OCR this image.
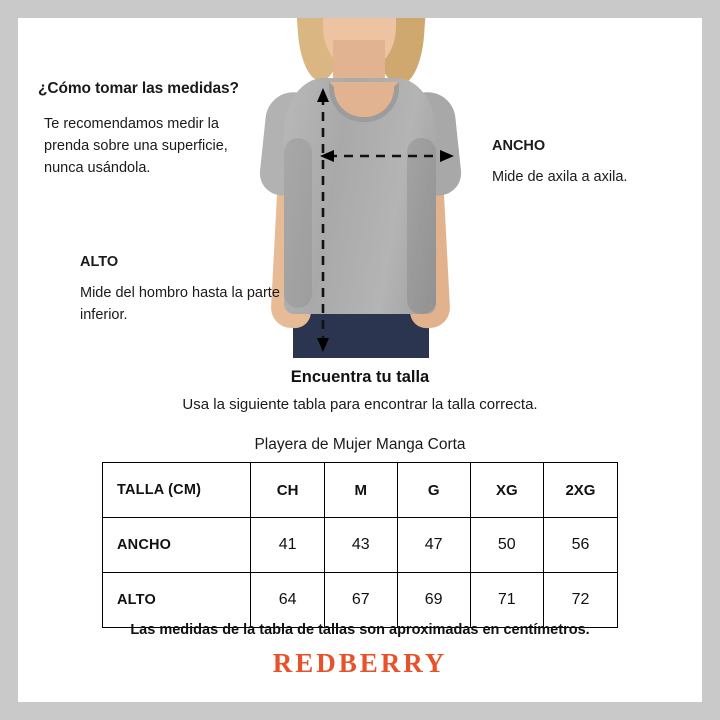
¿Cómo tomar las medidas?
Te recomendamos medir la prenda sobre una superficie, nunca usándola.
ALTO
Mide del hombro hasta la parte inferior.
ANCHO
Mide de axila a axila.
Encuentra tu talla
Usa la siguiente tabla para encontrar la talla correcta.
Playera de Mujer Manga Corta
TALLA (CM)	CH	M	G	XG	2XG
ANCHO	41	43	47	50	56
ALTO	64	67	69	71	72
Las medidas de la tabla de tallas son aproximadas en centímetros.
REDBERRY
